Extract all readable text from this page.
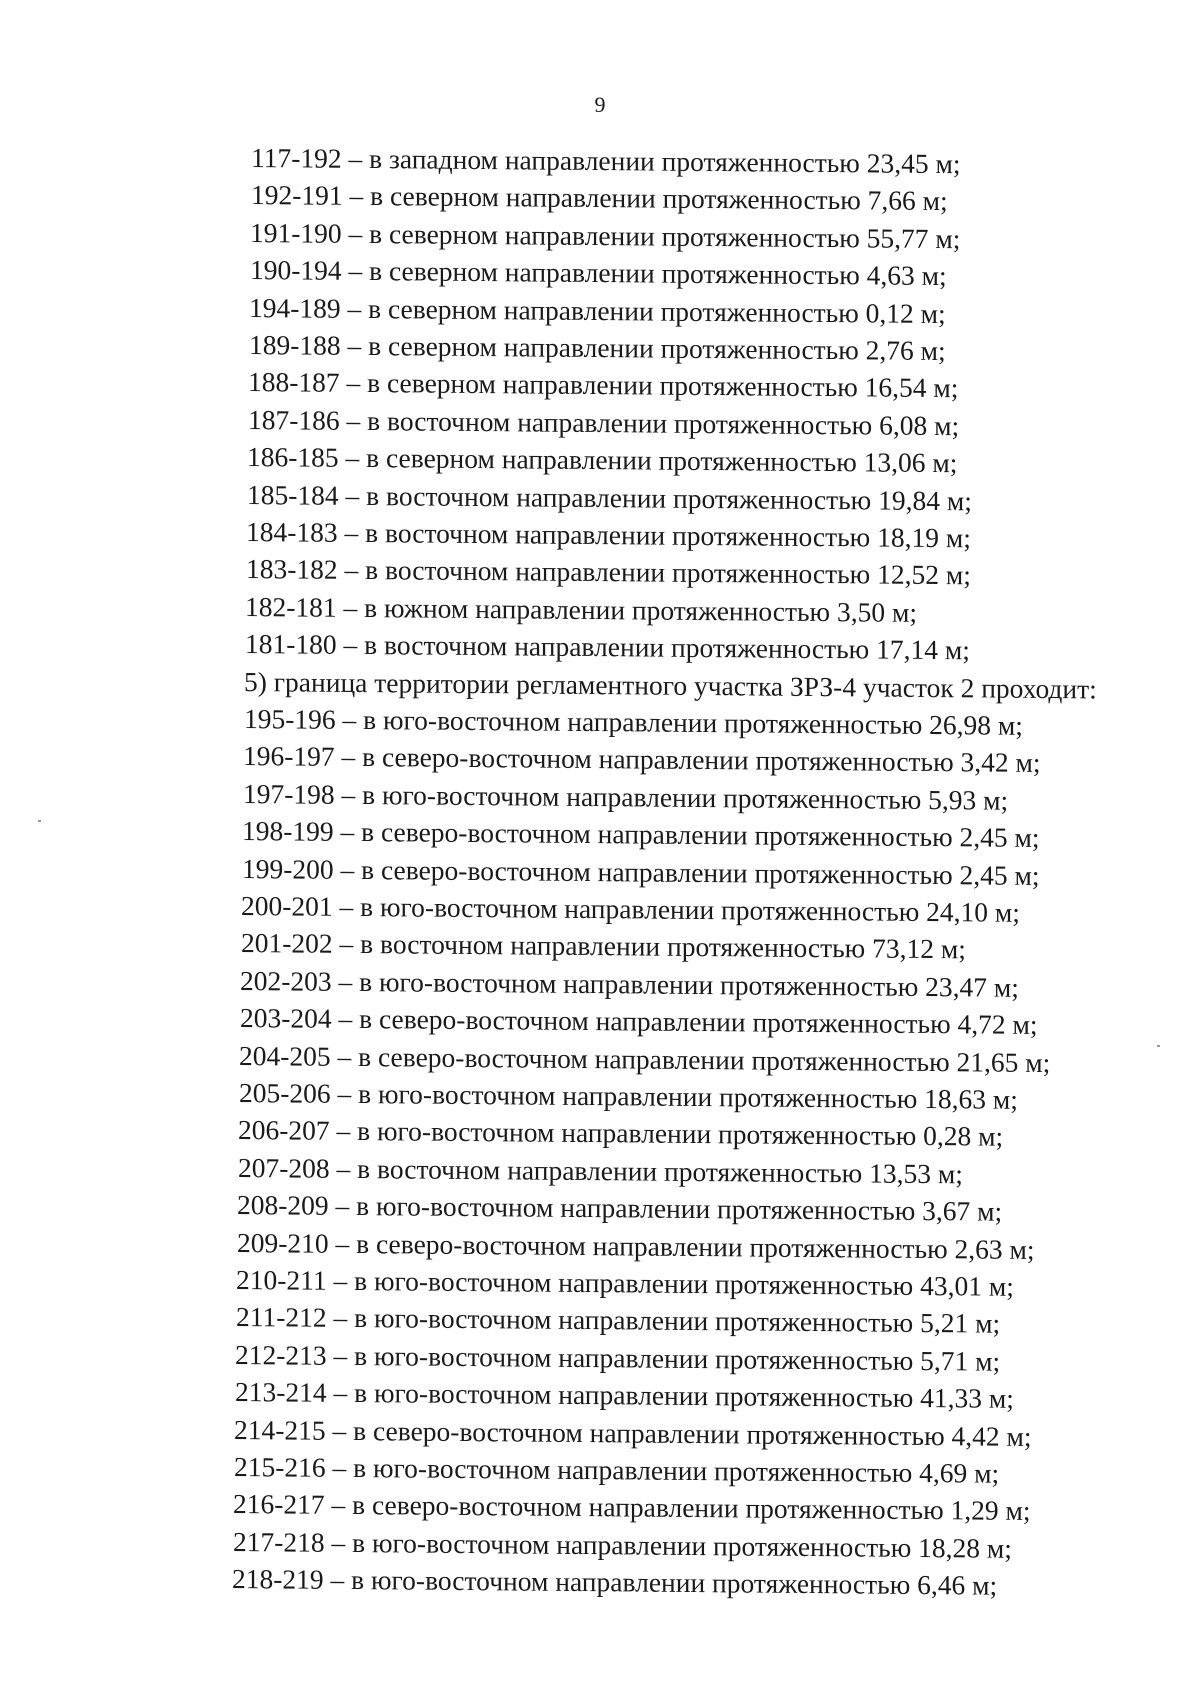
9
117-192 – в западном направлении протяженностью 23,45 м;
192-191 – в северном направлении протяженностью 7,66 м;
191-190 – в северном направлении протяженностью 55,77 м;
190-194 – в северном направлении протяженностью 4,63 м;
194-189 – в северном направлении протяженностью 0,12 м;
189-188 – в северном направлении протяженностью 2,76 м;
188-187 – в северном направлении протяженностью 16,54 м;
187-186 – в восточном направлении протяженностью 6,08 м;
186-185 – в северном направлении протяженностью 13,06 м;
185-184 – в восточном направлении протяженностью 19,84 м;
184-183 – в восточном направлении протяженностью 18,19 м;
183-182 – в восточном направлении протяженностью 12,52 м;
182-181 – в южном направлении протяженностью 3,50 м;
181-180 – в восточном направлении протяженностью 17,14 м;
5) граница территории регламентного участка ЗРЗ-4 участок 2 проходит:
195-196 – в юго-восточном направлении протяженностью 26,98 м;
196-197 – в северо-восточном направлении протяженностью 3,42 м;
197-198 – в юго-восточном направлении протяженностью 5,93 м;
198-199 – в северо-восточном направлении протяженностью 2,45 м;
199-200 – в северо-восточном направлении протяженностью 2,45 м;
200-201 – в юго-восточном направлении протяженностью 24,10 м;
201-202 – в восточном направлении протяженностью 73,12 м;
202-203 – в юго-восточном направлении протяженностью 23,47 м;
203-204 – в северо-восточном направлении протяженностью 4,72 м;
204-205 – в северо-восточном направлении протяженностью 21,65 м;
205-206 – в юго-восточном направлении протяженностью 18,63 м;
206-207 – в юго-восточном направлении протяженностью 0,28 м;
207-208 – в восточном направлении протяженностью 13,53 м;
208-209 – в юго-восточном направлении протяженностью 3,67 м;
209-210 – в северо-восточном направлении протяженностью 2,63 м;
210-211 – в юго-восточном направлении протяженностью 43,01 м;
211-212 – в юго-восточном направлении протяженностью 5,21 м;
212-213 – в юго-восточном направлении протяженностью 5,71 м;
213-214 – в юго-восточном направлении протяженностью 41,33 м;
214-215 – в северо-восточном направлении протяженностью 4,42 м;
215-216 – в юго-восточном направлении протяженностью 4,69 м;
216-217 – в северо-восточном направлении протяженностью 1,29 м;
217-218 – в юго-восточном направлении протяженностью 18,28 м;
218-219 – в юго-восточном направлении протяженностью 6,46 м;
